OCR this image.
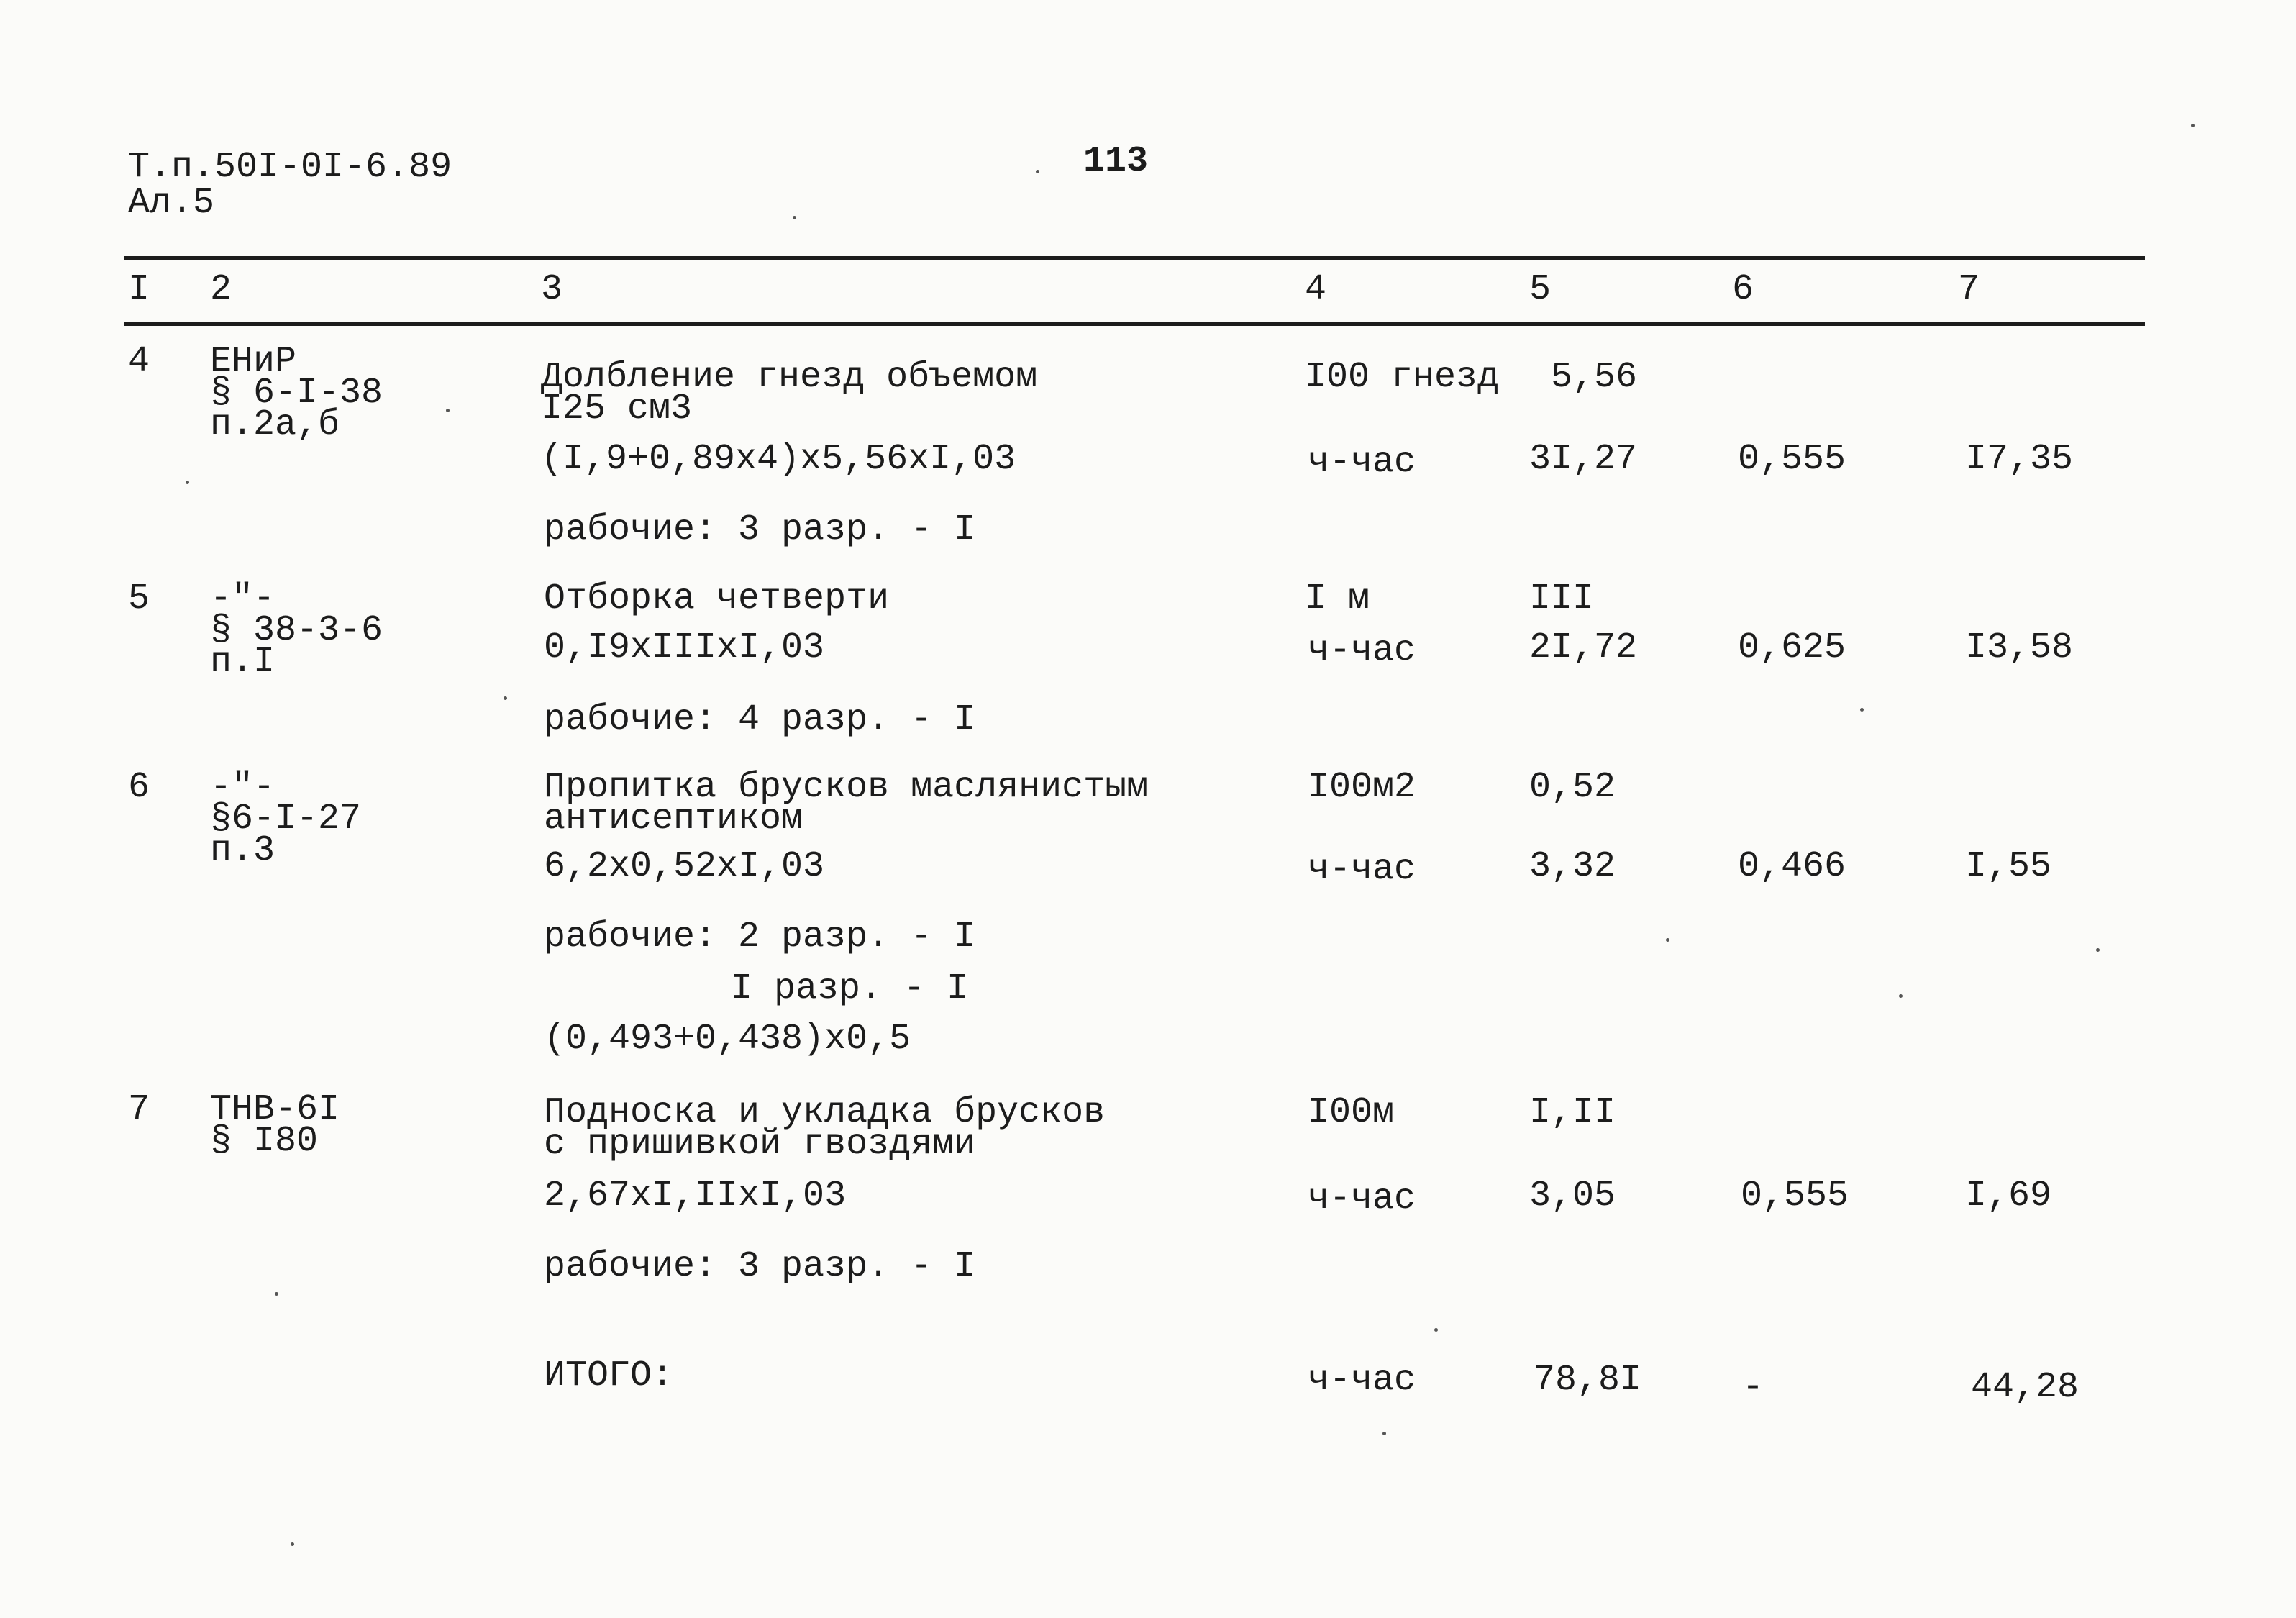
Т.п.50I-0I-6.89
Ал.5
113
I 2	3	4	5	6	7
4 ЕНиР
§ 6-I-38
п.2а,б
Долбление гнезд объемом
I25 см3
I00 гнезд 5,56
(I,9+0,89x4)x5,56xI,03	ч-час	3I,27	0,555	I7,35
рабочие: 3 разр. - I
5 -"-
§ 38-3-6
п.I
Отборка четверти	I м	III
0,I9xIIIxI,03	ч-час	2I,72	0,625	I3,58
рабочие: 4 разр. - I
6 -"-
§6-I-27
п.3
Пропитка брусков маслянистым
антисептиком
I00м2	0,52
6,2x0,52xI,03	ч-час	3,32	0,466	I,55
рабочие: 2 разр. - I
I разр. - I
(0,493+0,438)x0,5
7 ТНВ-6I
§ I80
Подноска и укладка брусков
с пришивкой гвоздями
I00м	I,II
2,67xI,IIxI,03	ч-час	3,05	0,555	I,69
рабочие: 3 разр. - I
ИТОГО:	ч-час	78,8I	-	44,28
